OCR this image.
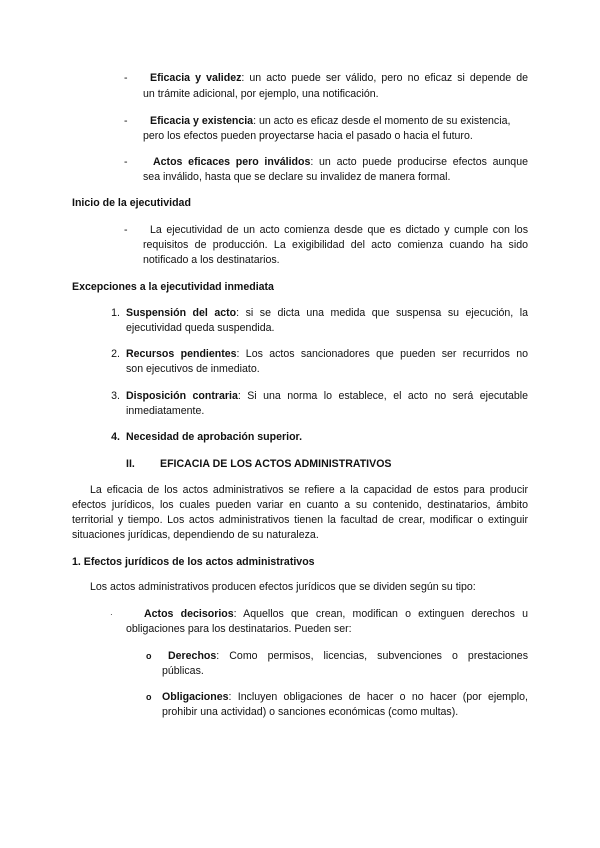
- Eficacia y validez: un acto puede ser válido, pero no eficaz si depende de
un trámite adicional, por ejemplo, una notificación.
- Eficacia y existencia: un acto es eficaz desde el momento de su existencia,
pero los efectos pueden proyectarse hacia el pasado o hacia el futuro.
- Actos eficaces pero inválidos: un acto puede producirse efectos aunque
sea inválido, hasta que se declare su invalidez de manera formal.
Inicio de la ejecutividad
- La ejecutividad de un acto comienza desde que es dictado y cumple con los
requisitos de producción. La exigibilidad del acto comienza cuando ha sido
notificado a los destinatarios.
Excepciones a la ejecutividad inmediata
1. Suspensión del acto: si se dicta una medida que suspensa su ejecución, la
ejecutividad queda suspendida.
2. Recursos pendientes: Los actos sancionadores que pueden ser recurridos no
son ejecutivos de inmediato.
3. Disposición contraria: Si una norma lo establece, el acto no será ejecutable
inmediatamente.
4. Necesidad de aprobación superior.
II. EFICACIA DE LOS ACTOS ADMINISTRATIVOS
La eficacia de los actos administrativos se refiere a la capacidad de estos para producir
efectos jurídicos, los cuales pueden variar en cuanto a su contenido, destinatarios, ámbito
territorial y tiempo. Los actos administrativos tienen la facultad de crear, modificar o extinguir
situaciones jurídicas, dependiendo de su naturaleza.
1. Efectos jurídicos de los actos administrativos
Los actos administrativos producen efectos jurídicos que se dividen según su tipo:
·	Actos decisorios: Aquellos que crean, modifican o extinguen derechos u
obligaciones para los destinatarios. Pueden ser:
o Derechos: Como permisos, licencias, subvenciones o prestaciones
públicas.
o Obligaciones: Incluyen obligaciones de hacer o no hacer (por ejemplo,
prohibir una actividad) o sanciones económicas (como multas).
